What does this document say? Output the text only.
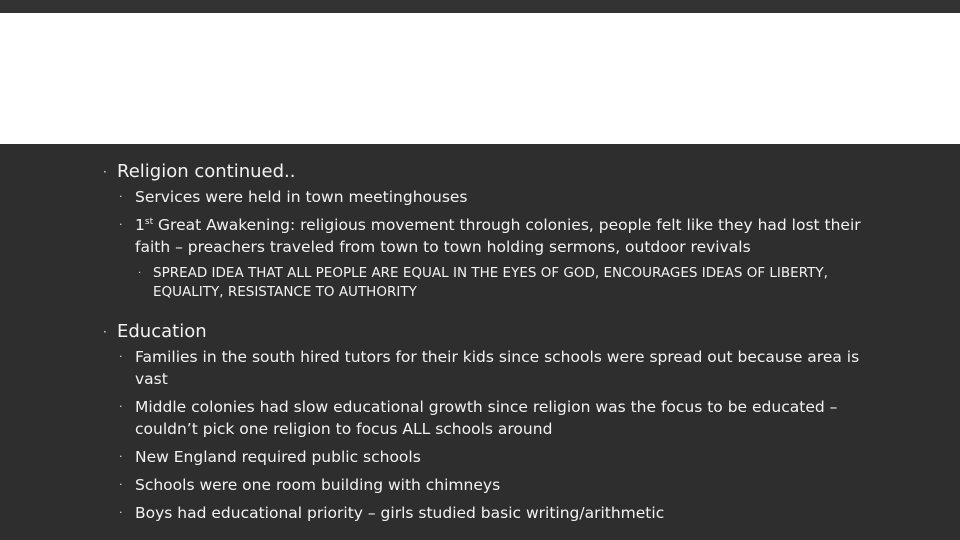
· Religion continued..
· Services were held in town meetinghouses
· 1st Great Awakening: religious movement through colonies, people felt like they had lost their faith – preachers traveled from town to town holding sermons, outdoor revivals
· SPREAD IDEA THAT ALL PEOPLE ARE EQUAL IN THE EYES OF GOD, ENCOURAGES IDEAS OF LIBERTY, EQUALITY, RESISTANCE TO AUTHORITY
· Education
· Families in the south hired tutors for their kids since schools were spread out because area is vast
· Middle colonies had slow educational growth since religion was the focus to be educated – couldn’t pick one religion to focus ALL schools around
· New England required public schools
· Schools were one room building with chimneys
· Boys had educational priority – girls studied basic writing/arithmetic
